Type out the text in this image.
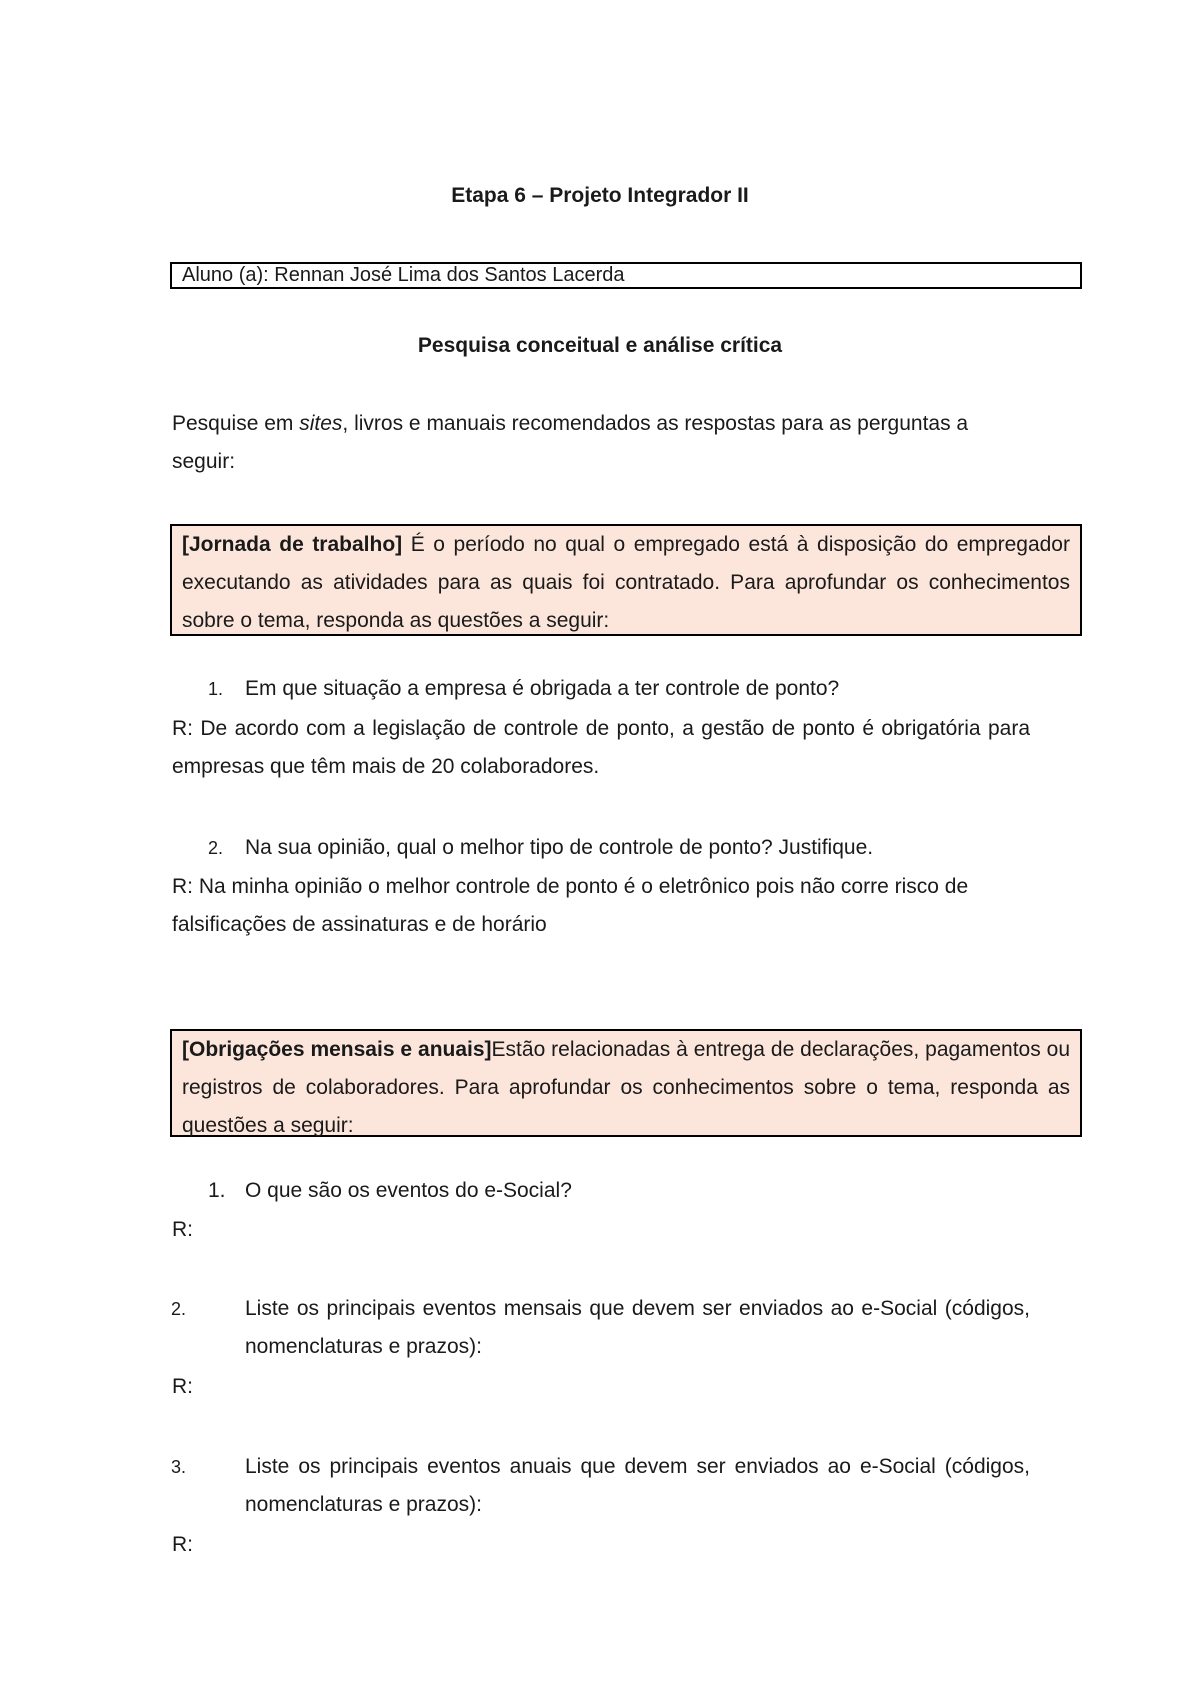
Etapa 6 – Projeto Integrador II
Aluno (a): Rennan José Lima dos Santos Lacerda
Pesquisa conceitual e análise crítica
Pesquise em sites, livros e manuais recomendados as respostas para as perguntas a seguir:
[Jornada de trabalho] É o período no qual o empregado está à disposição do empregador executando as atividades para as quais foi contratado. Para aprofundar os conhecimentos sobre o tema, responda as questões a seguir:
1. Em que situação a empresa é obrigada a ter controle de ponto?
R: De acordo com a legislação de controle de ponto, a gestão de ponto é obrigatória para empresas que têm mais de 20 colaboradores.
2. Na sua opinião, qual o melhor tipo de controle de ponto? Justifique.
R: Na minha opinião o melhor controle de ponto é o eletrônico pois não corre risco de falsificações de assinaturas e de horário
[Obrigações mensais e anuais]Estão relacionadas à entrega de declarações, pagamentos ou registros de colaboradores. Para aprofundar os conhecimentos sobre o tema, responda as questões a seguir:
1. O que são os eventos do e-Social?
R:
2.	Liste os principais eventos mensais que devem ser enviados ao e-Social (códigos, nomenclaturas e prazos):
R:
3.	Liste os principais eventos anuais que devem ser enviados ao e-Social (códigos, nomenclaturas e prazos):
R:
